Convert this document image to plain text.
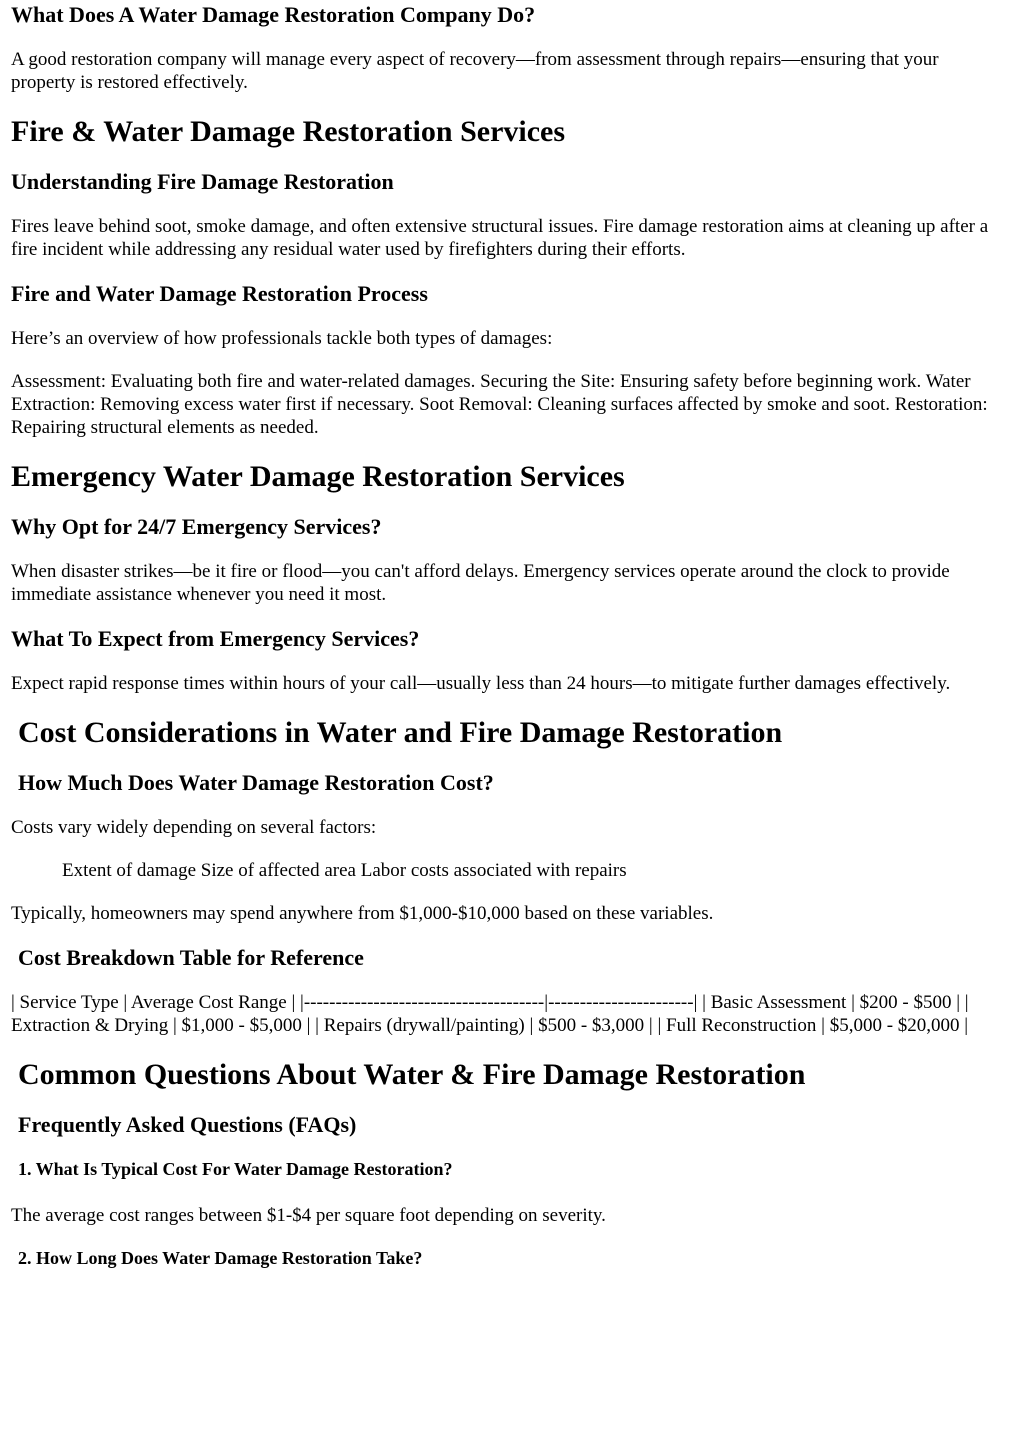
What Does A Water Damage Restoration Company Do?

A good restoration company will manage every aspect of recovery—from assessment through repairs—ensuring that your property is restored effectively.

Fire & Water Damage Restoration Services
Understanding Fire Damage Restoration

Fires leave behind soot, smoke damage, and often extensive structural issues. Fire damage restoration aims at cleaning up after a fire incident while addressing any residual water used by firefighters during their efforts.

Fire and Water Damage Restoration Process

Here’s an overview of how professionals tackle both types of damages:

Assessment: Evaluating both fire and water-related damages. Securing the Site: Ensuring safety before beginning work. Water Extraction: Removing excess water first if necessary. Soot Removal: Cleaning surfaces affected by smoke and soot. Restoration: Repairing structural elements as needed.

Emergency Water Damage Restoration Services
Why Opt for 24/7 Emergency Services?

When disaster strikes—be it fire or flood—you can't afford delays. Emergency services operate around the clock to provide immediate assistance whenever you need it most.

What To Expect from Emergency Services?

Expect rapid response times within hours of your call—usually less than 24 hours—to mitigate further damages effectively.

Cost Considerations in Water and Fire Damage Restoration
How Much Does Water Damage Restoration Cost?

Costs vary widely depending on several factors:

Extent of damage Size of affected area Labor costs associated with repairs

Typically, homeowners may spend anywhere from $1,000-$10,000 based on these variables.

Cost Breakdown Table for Reference

| Service Type | Average Cost Range | |--------------------------------------|-----------------------| | Basic Assessment | $200 - $500 | | Extraction & Drying | $1,000 - $5,000 | | Repairs (drywall/painting) | $500 - $3,000 | | Full Reconstruction | $5,000 - $20,000 |

Common Questions About Water & Fire Damage Restoration
Frequently Asked Questions (FAQs)
1. What Is Typical Cost For Water Damage Restoration?

The average cost ranges between $1-$4 per square foot depending on severity.

2. How Long Does Water Damage Restoration Take?
